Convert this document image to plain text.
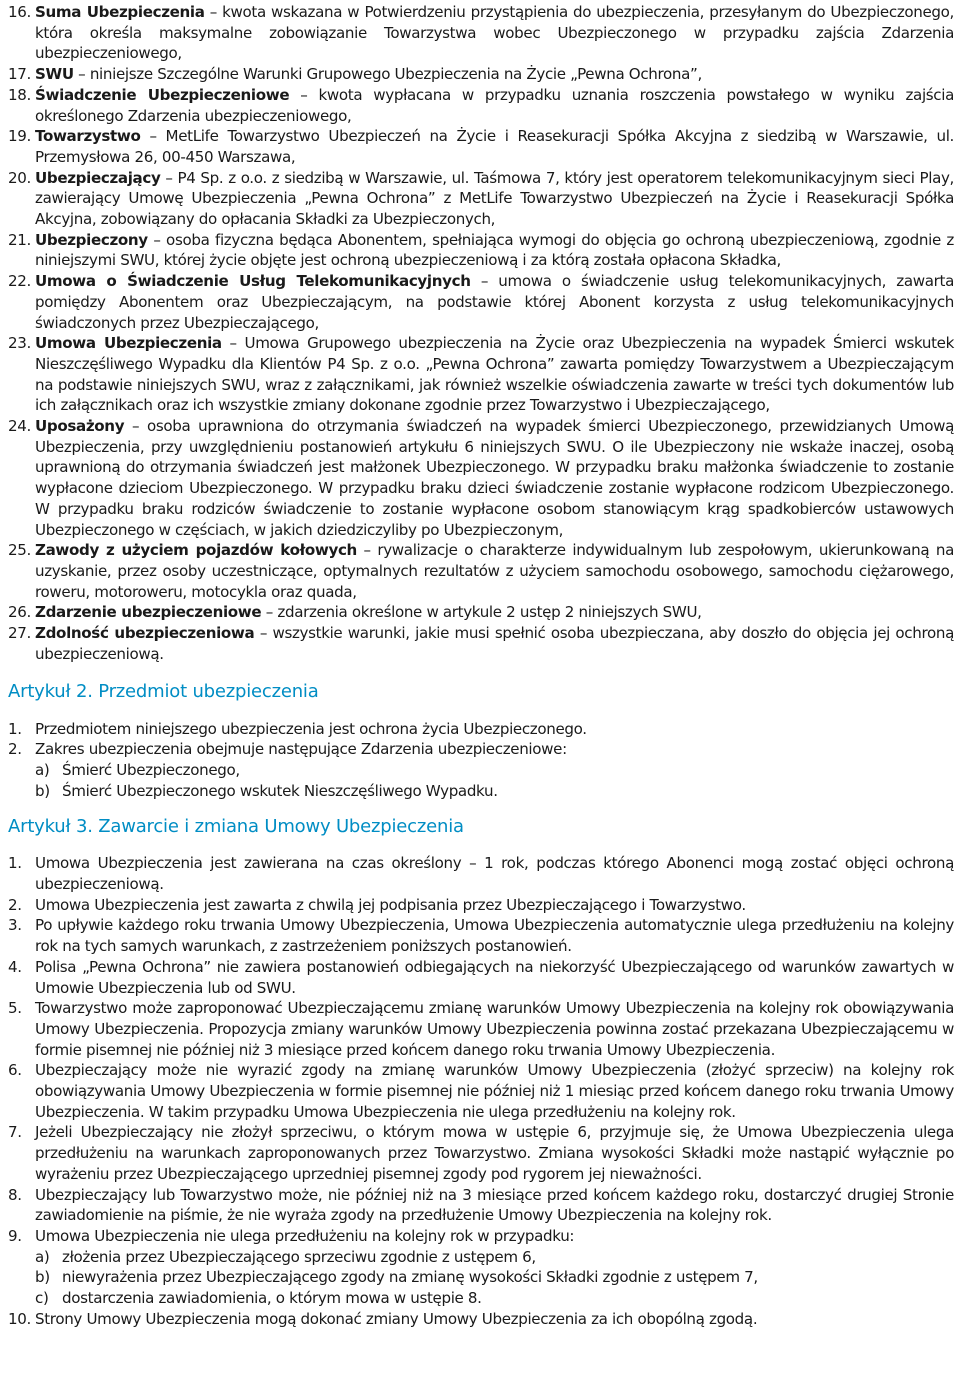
16. Suma Ubezpieczenia – kwota wskazana w Potwierdzeniu przystąpienia do ubezpieczenia, przesyłanym do Ubezpieczonego, która określa maksymalne zobowiązanie Towarzystwa wobec Ubezpieczonego w przypadku zajścia Zdarzenia ubezpieczeniowego,
17. SWU – niniejsze Szczególne Warunki Grupowego Ubezpieczenia na Życie „Pewna Ochrona”,
18. Świadczenie Ubezpieczeniowe – kwota wypłacana w przypadku uznania roszczenia powstałego w wyniku zajścia określonego Zdarzenia ubezpieczeniowego,
19. Towarzystwo – MetLife Towarzystwo Ubezpieczeń na Życie i Reasekuracji Spółka Akcyjna z siedzibą w Warszawie, ul. Przemysłowa 26, 00-450 Warszawa,
20. Ubezpieczający – P4 Sp. z o.o. z siedzibą w Warszawie, ul. Taśmowa 7, który jest operatorem telekomunikacyjnym sieci Play, zawierający Umowę Ubezpieczenia „Pewna Ochrona” z MetLife Towarzystwo Ubezpieczeń na Życie i Reasekuracji Spółka Akcyjna, zobowiązany do opłacania Składki za Ubezpieczonych,
21. Ubezpieczony – osoba fizyczna będąca Abonentem, spełniająca wymogi do objęcia go ochroną ubezpieczeniową, zgodnie z niniejszymi SWU, której życie objęte jest ochroną ubezpieczeniową i za którą została opłacona Składka,
22. Umowa o Świadczenie Usług Telekomunikacyjnych – umowa o świadczenie usług telekomunikacyjnych, zawarta pomiędzy Abonentem oraz Ubezpieczającym, na podstawie której Abonent korzysta z usług telekomunikacyjnych świadczonych przez Ubezpieczającego,
23. Umowa Ubezpieczenia – Umowa Grupowego ubezpieczenia na Życie oraz Ubezpieczenia na wypadek Śmierci wskutek Nieszczęśliwego Wypadku dla Klientów P4 Sp. z o.o. „Pewna Ochrona” zawarta pomiędzy Towarzystwem a Ubezpieczającym na podstawie niniejszych SWU, wraz z załącznikami, jak również wszelkie oświadczenia zawarte w treści tych dokumentów lub ich załącznikach oraz ich wszystkie zmiany dokonane zgodnie przez Towarzystwo i Ubezpieczającego,
24. Uposażony – osoba uprawniona do otrzymania świadczeń na wypadek śmierci Ubezpieczonego, przewidzianych Umową Ubezpieczenia, przy uwzględnieniu postanowień artykułu 6 niniejszych SWU. O ile Ubezpieczony nie wskaże inaczej, osobą uprawnioną do otrzymania świadczeń jest małżonek Ubezpieczonego. W przypadku braku małżonka świadczenie to zostanie wypłacone dzieciom Ubezpieczonego. W przypadku braku dzieci świadczenie zostanie wypłacone rodzicom Ubezpieczonego. W przypadku braku rodziców świadczenie to zostanie wypłacone osobom stanowiącym krąg spadkobierców ustawowych Ubezpieczonego w częściach, w jakich dziedziczyliby po Ubezpieczonym,
25. Zawody z użyciem pojazdów kołowych – rywalizacje o charakterze indywidualnym lub zespołowym, ukierunkowaną na uzyskanie, przez osoby uczestniczące, optymalnych rezultatów z użyciem samochodu osobowego, samochodu ciężarowego, roweru, motoroweru, motocykla oraz quada,
26. Zdarzenie ubezpieczeniowe – zdarzenia określone w artykule 2 ustęp 2 niniejszych SWU,
27. Zdolność ubezpieczeniowa – wszystkie warunki, jakie musi spełnić osoba ubezpieczana, aby doszło do objęcia jej ochroną ubezpieczeniową.
Artykuł 2. Przedmiot ubezpieczenia
1. Przedmiotem niniejszego ubezpieczenia jest ochrona życia Ubezpieczonego.
2. Zakres ubezpieczenia obejmuje następujące Zdarzenia ubezpieczeniowe:
a) Śmierć Ubezpieczonego,
b) Śmierć Ubezpieczonego wskutek Nieszczęśliwego Wypadku.
Artykuł 3. Zawarcie i zmiana Umowy Ubezpieczenia
1. Umowa Ubezpieczenia jest zawierana na czas określony – 1 rok, podczas którego Abonenci mogą zostać objęci ochroną ubezpieczeniową.
2. Umowa Ubezpieczenia jest zawarta z chwilą jej podpisania przez Ubezpieczającego i Towarzystwo.
3. Po upływie każdego roku trwania Umowy Ubezpieczenia, Umowa Ubezpieczenia automatycznie ulega przedłużeniu na kolejny rok na tych samych warunkach, z zastrzeżeniem poniższych postanowień.
4. Polisa „Pewna Ochrona” nie zawiera postanowień odbiegających na niekorzyść Ubezpieczającego od warunków zawartych w Umowie Ubezpieczenia lub od SWU.
5. Towarzystwo może zaproponować Ubezpieczającemu zmianę warunków Umowy Ubezpieczenia na kolejny rok obowiązywania Umowy Ubezpieczenia. Propozycja zmiany warunków Umowy Ubezpieczenia powinna zostać przekazana Ubezpieczającemu w formie pisemnej nie później niż 3 miesiące przed końcem danego roku trwania Umowy Ubezpieczenia.
6. Ubezpieczający może nie wyrazić zgody na zmianę warunków Umowy Ubezpieczenia (złożyć sprzeciw) na kolejny rok obowiązywania Umowy Ubezpieczenia w formie pisemnej nie później niż 1 miesiąc przed końcem danego roku trwania Umowy Ubezpieczenia. W takim przypadku Umowa Ubezpieczenia nie ulega przedłużeniu na kolejny rok.
7. Jeżeli Ubezpieczający nie złożył sprzeciwu, o którym mowa w ustępie 6, przyjmuje się, że Umowa Ubezpieczenia ulega przedłużeniu na warunkach zaproponowanych przez Towarzystwo. Zmiana wysokości Składki może nastąpić wyłącznie po wyrażeniu przez Ubezpieczającego uprzedniej pisemnej zgody pod rygorem jej nieważności.
8. Ubezpieczający lub Towarzystwo może, nie później niż na 3 miesiące przed końcem każdego roku, dostarczyć drugiej Stronie zawiadomienie na piśmie, że nie wyraża zgody na przedłużenie Umowy Ubezpieczenia na kolejny rok.
9. Umowa Ubezpieczenia nie ulega przedłużeniu na kolejny rok w przypadku:
a) złożenia przez Ubezpieczającego sprzeciwu zgodnie z ustępem 6,
b) niewyrażenia przez Ubezpieczającego zgody na zmianę wysokości Składki zgodnie z ustępem 7,
c) dostarczenia zawiadomienia, o którym mowa w ustępie 8.
10. Strony Umowy Ubezpieczenia mogą dokonać zmiany Umowy Ubezpieczenia za ich obopólną zgodą.
